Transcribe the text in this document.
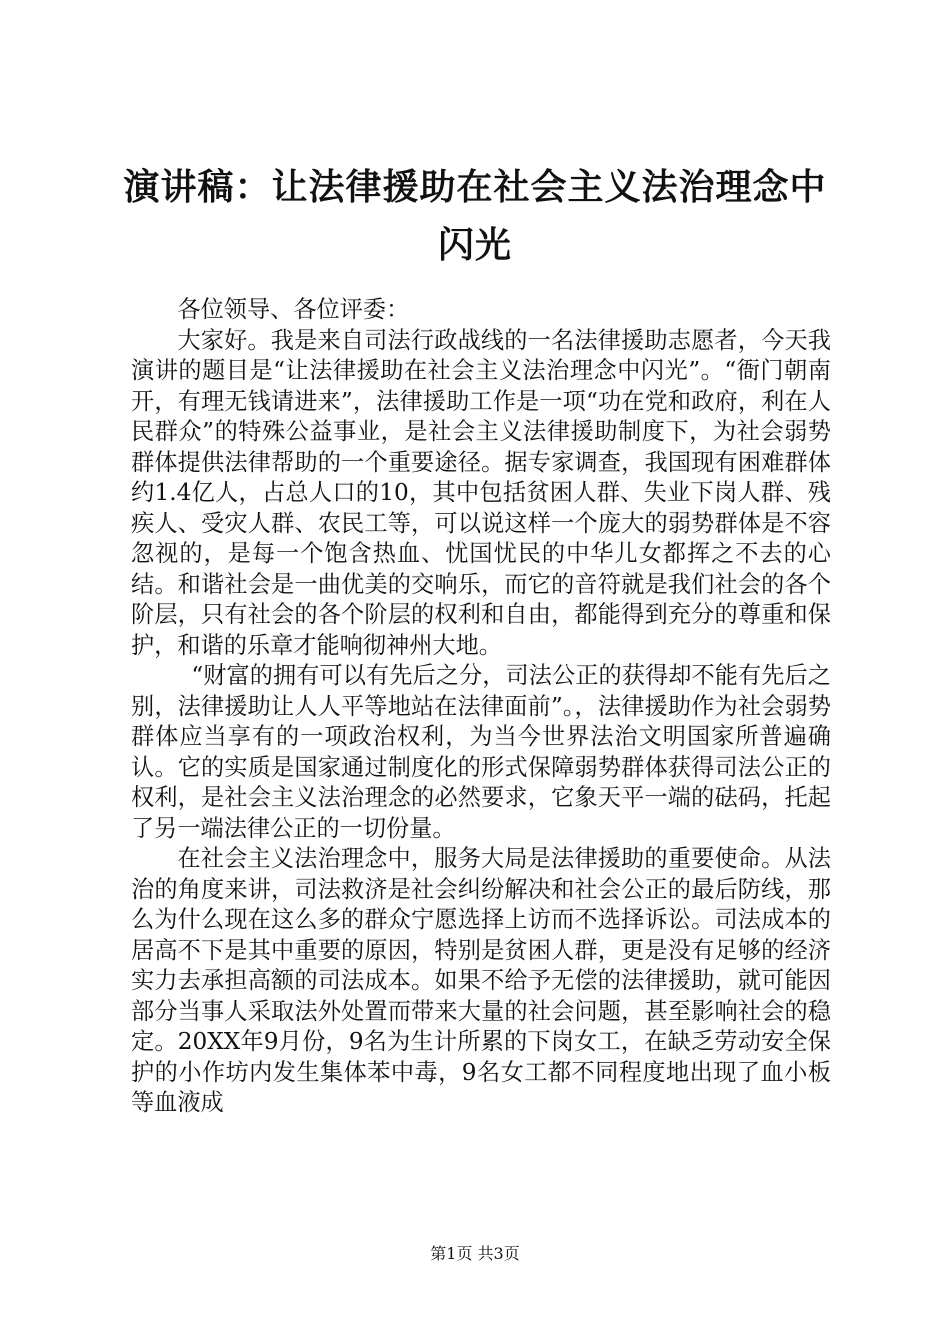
演讲稿：让法律援助在社会主义法治理念中闪光

各位领导、各位评委：

大家好。我是来自司法行政战线的一名法律援助志愿者，今天我演讲的题目是“让法律援助在社会主义法治理念中闪光”。“衙门朝南开，有理无钱请进来”，法律援助工作是一项“功在党和政府，利在人民群众”的特殊公益事业，是社会主义法律援助制度下，为社会弱势群体提供法律帮助的一个重要途径。据专家调查，我国现有困难群体约1.4亿人，占总人口的10，其中包括贫困人群、失业下岗人群、残疾人、受灾人群、农民工等，可以说这样一个庞大的弱势群体是不容忽视的，是每一个饱含热血、忧国忧民的中华儿女都挥之不去的心结。和谐社会是一曲优美的交响乐，而它的音符就是我们社会的各个阶层，只有社会的各个阶层的权利和自由，都能得到充分的尊重和保护，和谐的乐章才能响彻神州大地。

“财富的拥有可以有先后之分，司法公正的获得却不能有先后之别，法律援助让人人平等地站在法律面前”。，法律援助作为社会弱势群体应当享有的一项政治权利，为当今世界法治文明国家所普遍确认。它的实质是国家通过制度化的形式保障弱势群体获得司法公正的权利，是社会主义法治理念的必然要求，它象天平一端的砝码，托起了另一端法律公正的一切份量。

在社会主义法治理念中，服务大局是法律援助的重要使命。从法治的角度来讲，司法救济是社会纠纷解决和社会公正的最后防线，那么为什么现在这么多的群众宁愿选择上访而不选择诉讼。司法成本的居高不下是其中重要的原因，特别是贫困人群，更是没有足够的经济实力去承担高额的司法成本。如果不给予无偿的法律援助，就可能因部分当事人采取法外处置而带来大量的社会问题，甚至影响社会的稳定。20XX年9月份，9名为生计所累的下岗女工，在缺乏劳动安全保护的小作坊内发生集体苯中毒，9名女工都不同程度地出现了血小板等血液成

第1页 共3页
